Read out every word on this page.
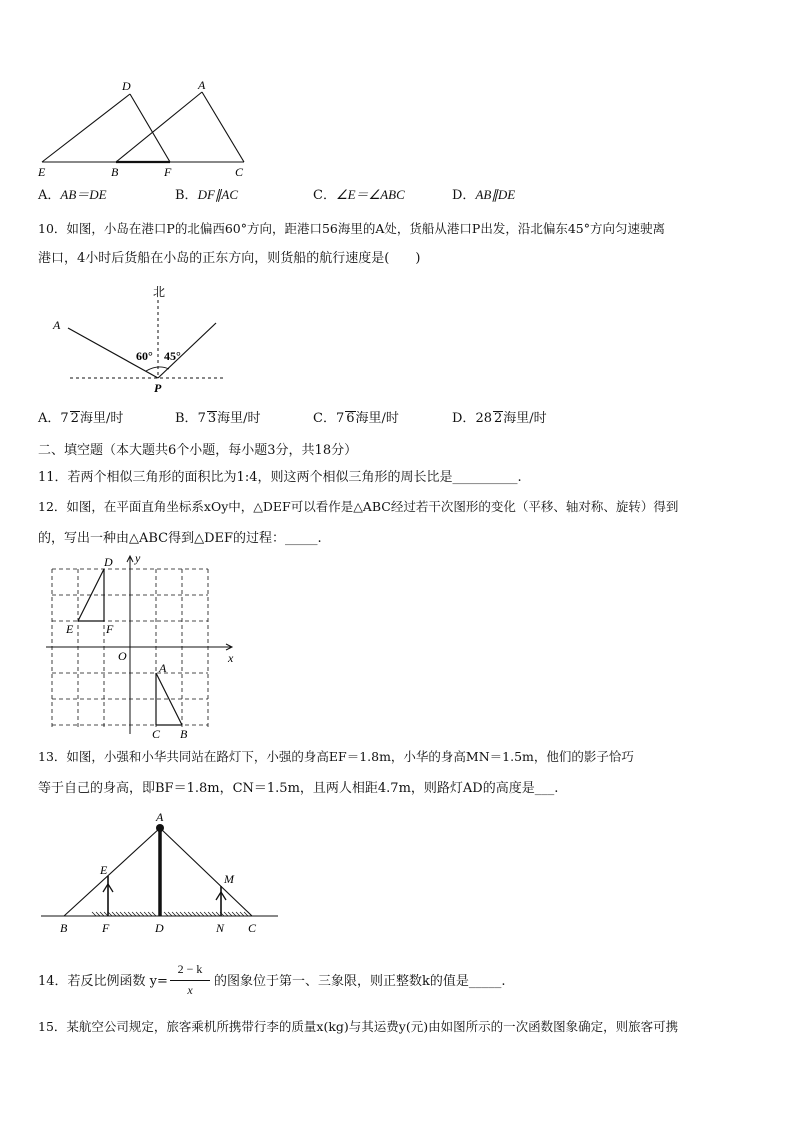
D	A
E	B	F	C
A．AB＝DE	B．DF∥AC	C．∠E＝∠ABC	D．AB∥DE
10．如图，小岛在港口P的北偏西60°方向，距港口56海里的A处，货船从港口P出发，沿北偏东45°方向匀速驶离
港口，4小时后货船在小岛的正东方向，则货船的航行速度是(　　)
北
A
60° 45°
P
A．7 2海里/时	B．7 3海里/时	C．7 6海里/时	D．28 2海里/时
二、填空题（本大题共6个小题，每小题3分，共18分）
11．若两个相似三角形的面积比为1:4，则这两个相似三角形的周长比是__________.
12．如图，在平面直角坐标系xOy中，△DEF可以看作是△ABC经过若干次图形的变化（平移、轴对称、旋转）得到
的，写出一种由△ABC得到△DEF的过程：_____.
y
x
O
D
E	F
A
C B
13．如图，小强和小华共同站在路灯下，小强的身高EF＝1.8m，小华的身高MN＝1.5m，他们的影子恰巧
等于自己的身高，即BF＝1.8m，CN＝1.5m，且两人相距4.7m，则路灯AD的高度是___.
A
E
M
B	F	D	N C
14．若反比例函数 y=
2 − k
x
的图象位于第一、三象限，则正整数k的值是_____.
15．某航空公司规定，旅客乘机所携带行李的质量x(kg)与其运费y(元)由如图所示的一次函数图象确定，则旅客可携
